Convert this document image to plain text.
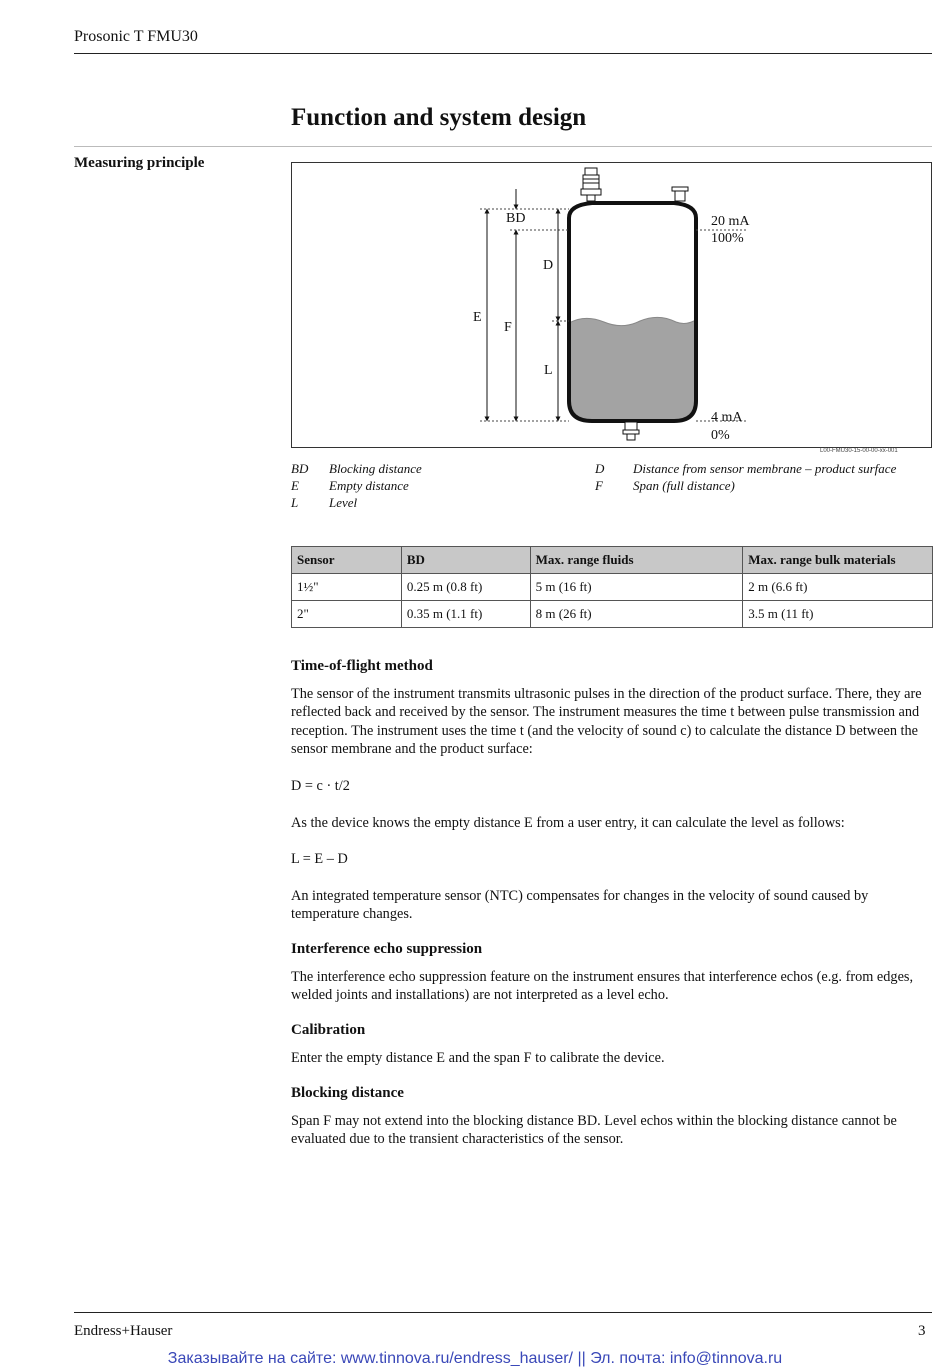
Prosonic T FMU30
Function and system design
Measuring principle
BD
D
E
F
L
20 mA
100%
4 mA
0%
L00-FMU30-15-00-00-xx-001
BD	Blocking distance
E	Empty distance
L	Level
D	Distance from sensor membrane – product surface
F	Span (full distance)
Sensor	BD	Max. range fluids	Max. range bulk materials
1½"	0.25 m (0.8 ft)	5 m (16 ft)	2 m (6.6 ft)
2"	0.35 m (1.1 ft)	8 m (26 ft)	3.5 m (11 ft)
Time-of-flight method
The sensor of the instrument transmits ultrasonic pulses in the direction of the product surface. There, they are reflected back and received by the sensor. The instrument measures the time t between pulse transmission and reception. The instrument uses the time t (and the velocity of sound c) to calculate the distance D between the sensor membrane and the product surface:
D = c · t/2
As the device knows the empty distance E from a user entry, it can calculate the level as follows:
L = E – D
An integrated temperature sensor (NTC) compensates for changes in the velocity of sound caused by temperature changes.
Interference echo suppression
The interference echo suppression feature on the instrument ensures that interference echos (e.g. from edges, welded joints and installations) are not interpreted as a level echo.
Calibration
Enter the empty distance E and the span F to calibrate the device.
Blocking distance
Span F may not extend into the blocking distance BD. Level echos within the blocking distance cannot be evaluated due to the transient characteristics of the sensor.
Endress+Hauser	3
Заказывайте на сайте: www.tinnova.ru/endress_hauser/ || Эл. почта: info@tinnova.ru
